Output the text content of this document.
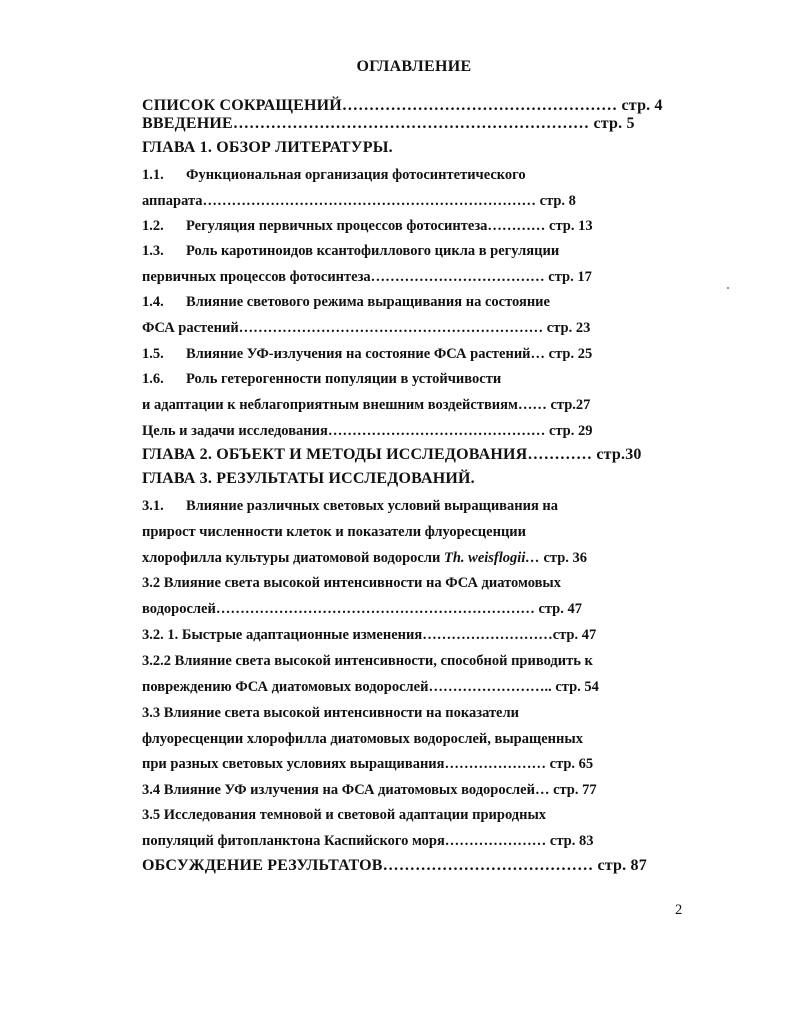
ОГЛАВЛЕНИЕ
СПИСОК СОКРАЩЕНИЙ…………………………………………… стр. 4
ВВЕДЕНИЕ………………………………………………………… стр. 5
ГЛАВА 1. ОБЗОР ЛИТЕРАТУРЫ.
1.1. Функциональная организация фотосинтетического
аппарата…………………………………………………………… стр. 8
1.2. Регуляция первичных процессов фотосинтеза………… стр. 13
1.3. Роль каротиноидов ксантофиллового цикла в регуляции
первичных процессов фотосинтеза……………………………… стр. 17
1.4. Влияние светового режима выращивания на состояние
ФСА растений……………………………………………………… стр. 23
1.5. Влияние УФ-излучения на состояние ФСА растений… стр. 25
1.6. Роль гетерогенности популяции в устойчивости
и адаптации к неблагоприятным внешним воздействиям…… стр.27
Цель и задачи исследования……………………………………… стр. 29
ГЛАВА 2. ОБЪЕКТ И МЕТОДЫ ИССЛЕДОВАНИЯ………… стр.30
ГЛАВА 3. РЕЗУЛЬТАТЫ ИССЛЕДОВАНИЙ.
3.1. Влияние различных световых условий выращивания на
прирост численности клеток и показатели флуоресценции
хлорофилла культуры диатомовой водоросли Th. weisflogii… стр. 36
3.2 Влияние света высокой интенсивности на ФСА диатомовых
водорослей………………………………………………………… стр. 47
3.2. 1. Быстрые адаптационные изменения………………………стр. 47
3.2.2 Влияние света высокой интенсивности, способной приводить к
повреждению ФСА диатомовых водорослей…………………….. стр. 54
3.3 Влияние света высокой интенсивности на показатели
флуоресценции хлорофилла диатомовых водорослей, выращенных
при разных световых условиях выращивания………………… стр. 65
3.4 Влияние УФ излучения на ФСА диатомовых водорослей… стр. 77
3.5 Исследования темновой и световой адаптации природных
популяций фитопланктона Каспийского моря………………… стр. 83
ОБСУЖДЕНИЕ РЕЗУЛЬТАТОВ………………………………… стр. 87
2
